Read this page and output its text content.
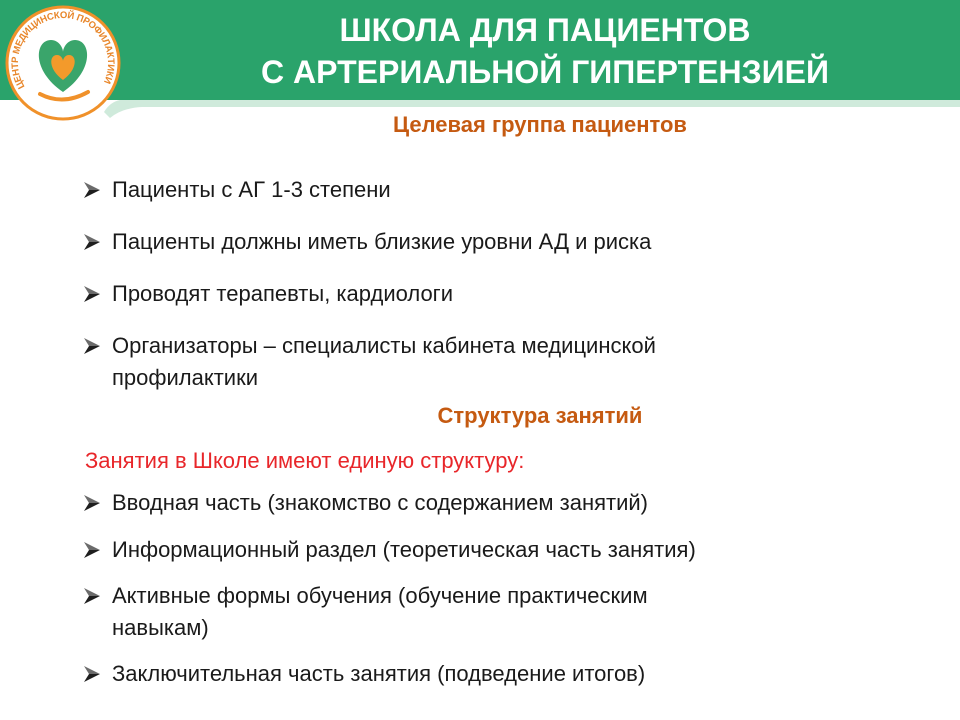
ЦЕНТР МЕДИЦИНСКОЙ ПРОФИЛАКТИКИ
ШКОЛА ДЛЯ ПАЦИЕНТОВ
С АРТЕРИАЛЬНОЙ ГИПЕРТЕНЗИЕЙ
Целевая группа пациентов
Пациенты с АГ 1-3 степени
Пациенты должны иметь близкие уровни АД и риска
Проводят терапевты, кардиологи
Организаторы – специалисты кабинета медицинской
профилактики
Структура занятий
Занятия в Школе имеют единую структуру:
Вводная часть (знакомство с содержанием занятий)
Информационный раздел (теоретическая часть занятия)
Активные формы обучения (обучение практическим
навыкам)
Заключительная часть занятия (подведение итогов)
